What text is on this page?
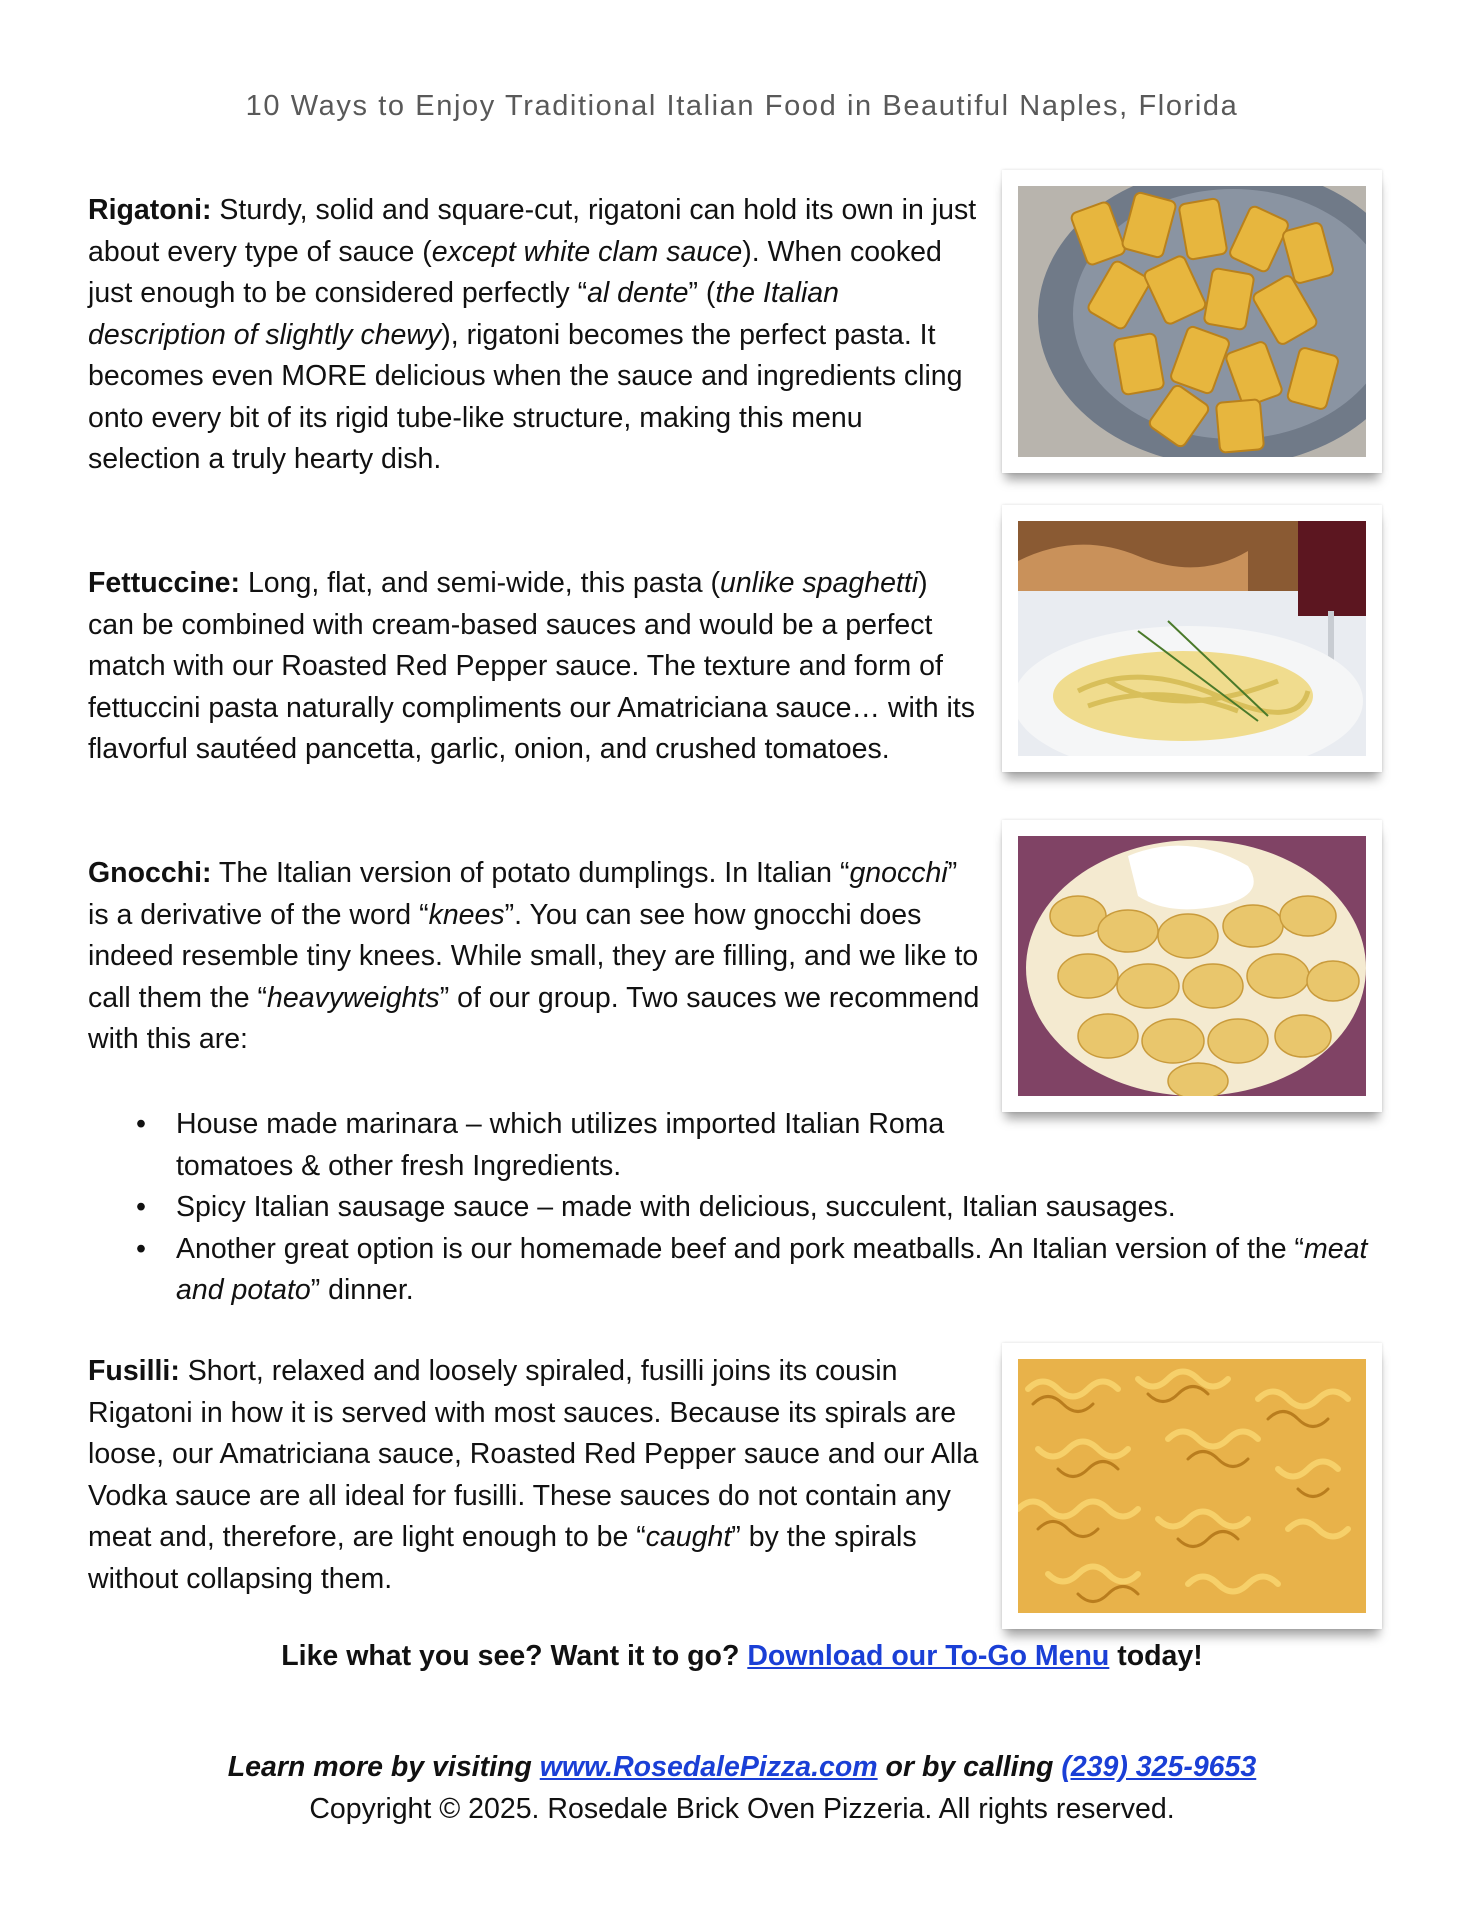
10 Ways to Enjoy Traditional Italian Food in Beautiful Naples, Florida

Rigatoni: Sturdy, solid and square-cut, rigatoni can hold its own in just about every type of sauce (except white clam sauce). When cooked just enough to be considered perfectly “al dente” (the Italian description of slightly chewy), rigatoni becomes the perfect pasta. It becomes even MORE delicious when the sauce and ingredients cling onto every bit of its rigid tube-like structure, making this menu selection a truly hearty dish.

Fettuccine: Long, flat, and semi-wide, this pasta (unlike spaghetti) can be combined with cream-based sauces and would be a perfect match with our Roasted Red Pepper sauce. The texture and form of fettuccini pasta naturally compliments our Amatriciana sauce… with its flavorful sautéed pancetta, garlic, onion, and crushed tomatoes.

Gnocchi: The Italian version of potato dumplings. In Italian “gnocchi” is a derivative of the word “knees”. You can see how gnocchi does indeed resemble tiny knees. While small, they are filling, and we like to call them the “heavyweights” of our group. Two sauces we recommend with this are:

• House made marinara – which utilizes imported Italian Roma tomatoes & other fresh Ingredients.
• Spicy Italian sausage sauce – made with delicious, succulent, Italian sausages.
• Another great option is our homemade beef and pork meatballs. An Italian version of the “meat and potato” dinner.

Fusilli: Short, relaxed and loosely spiraled, fusilli joins its cousin Rigatoni in how it is served with most sauces. Because its spirals are loose, our Amatriciana sauce, Roasted Red Pepper sauce and our Alla Vodka sauce are all ideal for fusilli. These sauces do not contain any meat and, therefore, are light enough to be “caught” by the spirals without collapsing them.

Like what you see? Want it to go? Download our To-Go Menu today!
Learn more by visiting www.RosedalePizza.com or by calling (239) 325-9653
Copyright © 2025. Rosedale Brick Oven Pizzeria. All rights reserved.
